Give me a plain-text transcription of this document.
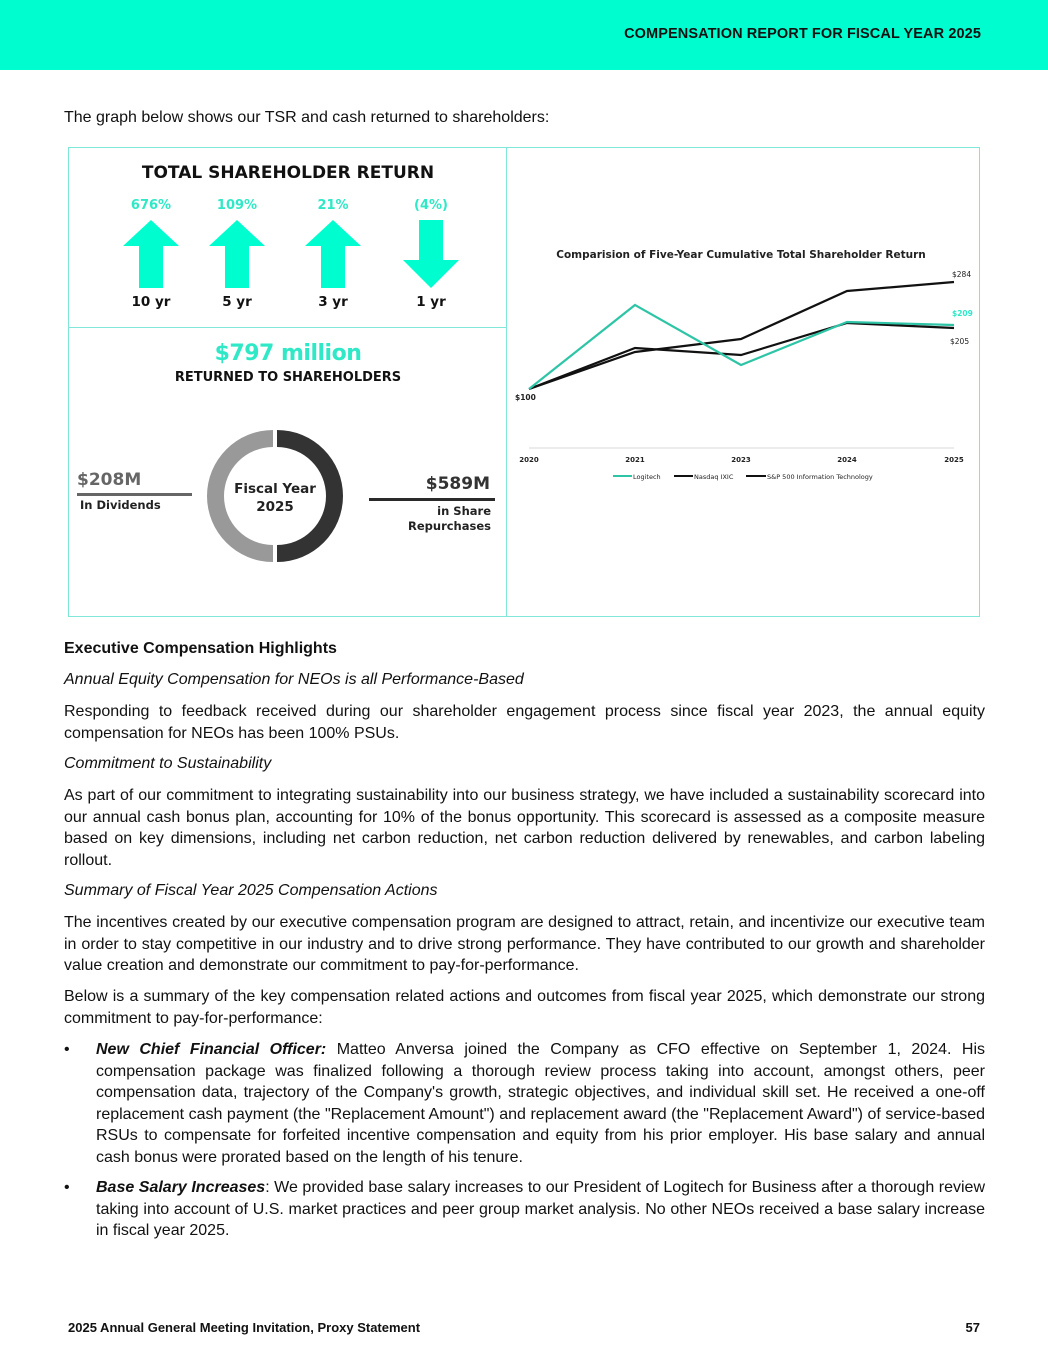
COMPENSATION REPORT FOR FISCAL YEAR 2025
The graph below shows our TSR and cash returned to shareholders:
TOTAL SHAREHOLDER RETURN
676%
10 yr
109%
5 yr
21%
3 yr
(4%)
1 yr
$797 million
RETURNED TO SHAREHOLDERS
$208M
In Dividends
Fiscal Year
2025
$589M
in Share
Repurchases
Comparision of Five-Year Cumulative Total Shareholder Return
$100
$284
$209
$205
2020	2021	2023	2024	2025
Logitech	Nasdaq IXIC	S&P 500 Information Technology
Executive Compensation Highlights
Annual Equity Compensation for NEOs is all Performance-Based
Responding to feedback received during our shareholder engagement process since fiscal year 2023, the annual equity compensation for NEOs has been 100% PSUs.
Commitment to Sustainability
As part of our commitment to integrating sustainability into our business strategy, we have included a sustainability scorecard into our annual cash bonus plan, accounting for 10% of the bonus opportunity. This scorecard is assessed as a composite measure based on key dimensions, including net carbon reduction, net carbon reduction delivered by renewables, and carbon labeling rollout.
Summary of Fiscal Year 2025 Compensation Actions
The incentives created by our executive compensation program are designed to attract, retain, and incentivize our executive team in order to stay competitive in our industry and to drive strong performance. They have contributed to our growth and shareholder value creation and demonstrate our commitment to pay-for-performance.
Below is a summary of the key compensation related actions and outcomes from fiscal year 2025, which demonstrate our strong commitment to pay-for-performance:
•	New Chief Financial Officer: Matteo Anversa joined the Company as CFO effective on September 1, 2024. His compensation package was finalized following a thorough review process taking into account, amongst others, peer compensation data, trajectory of the Company's growth, strategic objectives, and individual skill set. He received a one-off replacement cash payment (the "Replacement Amount") and replacement award (the "Replacement Award") of service-based RSUs to compensate for forfeited incentive compensation and equity from his prior employer. His base salary and annual cash bonus were prorated based on the length of his tenure.
•	Base Salary Increases: We provided base salary increases to our President of Logitech for Business after a thorough review taking into account of U.S. market practices and peer group market analysis. No other NEOs received a base salary increase in fiscal year 2025.
2025 Annual General Meeting Invitation, Proxy Statement	57
